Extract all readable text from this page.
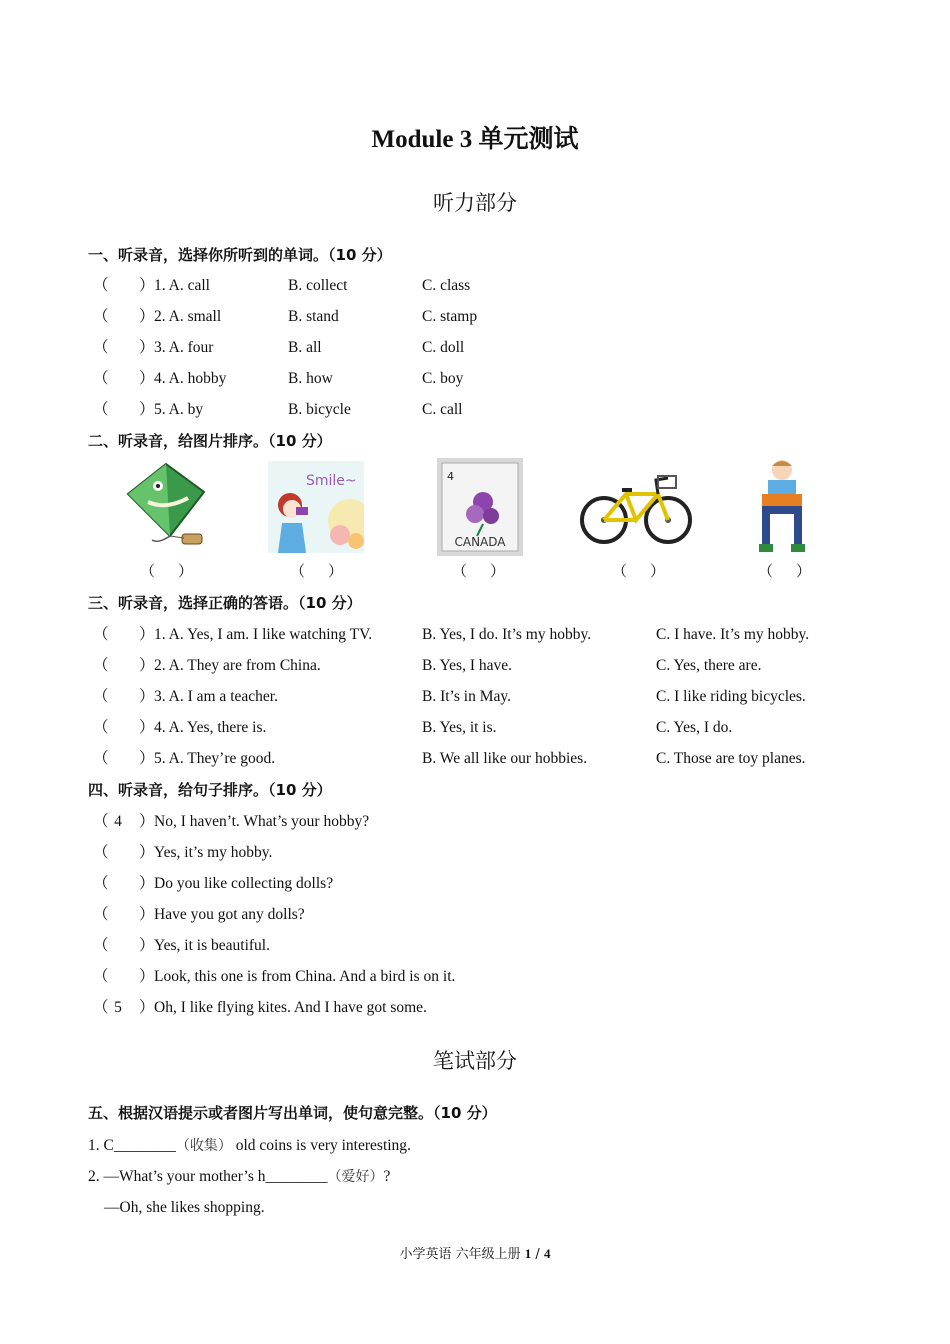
Module 3 单元测试
听力部分
一、听录音，选择你所听到的单词。（10 分）
（ ） 1. A. call	B. collect	C. class
（ ） 2. A. small	B. stand	C. stamp
（ ） 3. A. four	B. all	C. doll
（ ） 4. A. hobby	B. how	C. boy
（ ） 5. A. by	B. bicycle	C. call
二、听录音，给图片排序。（10 分）
（ ）
Smile~
（ ）
4
CANADA
（ ）	（ ）	（ ）
三、听录音，选择正确的答语。（10 分）
（ ） 1. A. Yes, I am. I like watching TV.	B. Yes, I do. It’s my hobby.	C. I have. It’s my hobby.
（ ） 2. A. They are from China.	B. Yes, I have.	C. Yes, there are.
（ ） 3. A. I am a teacher.	B. It’s in May.	C. I like riding bicycles.
（ ） 4. A. Yes, there is.	B. Yes, it is.	C. Yes, I do.
（ ） 5. A. They’re good.	B. We all like our hobbies.	C. Those are toy planes.
四、听录音，给句子排序。（10 分）
（ 4 ） No, I haven’t. What’s your hobby?
（ ） Yes, it’s my hobby.
（ ） Do you like collecting dolls?
（ ） Have you got any dolls?
（ ） Yes, it is beautiful.
（ ） Look, this one is from China. And a bird is on it.
（ 5 ） Oh, I like flying kites. And I have got some.
笔试部分
五、根据汉语提示或者图片写出单词，使句意完整。（10 分）
1. C________（收集） old coins is very interesting.
2. —What’s your mother’s h________（爱好）?
—Oh, she likes shopping.
小学英语 六年级上册 1 / 4
